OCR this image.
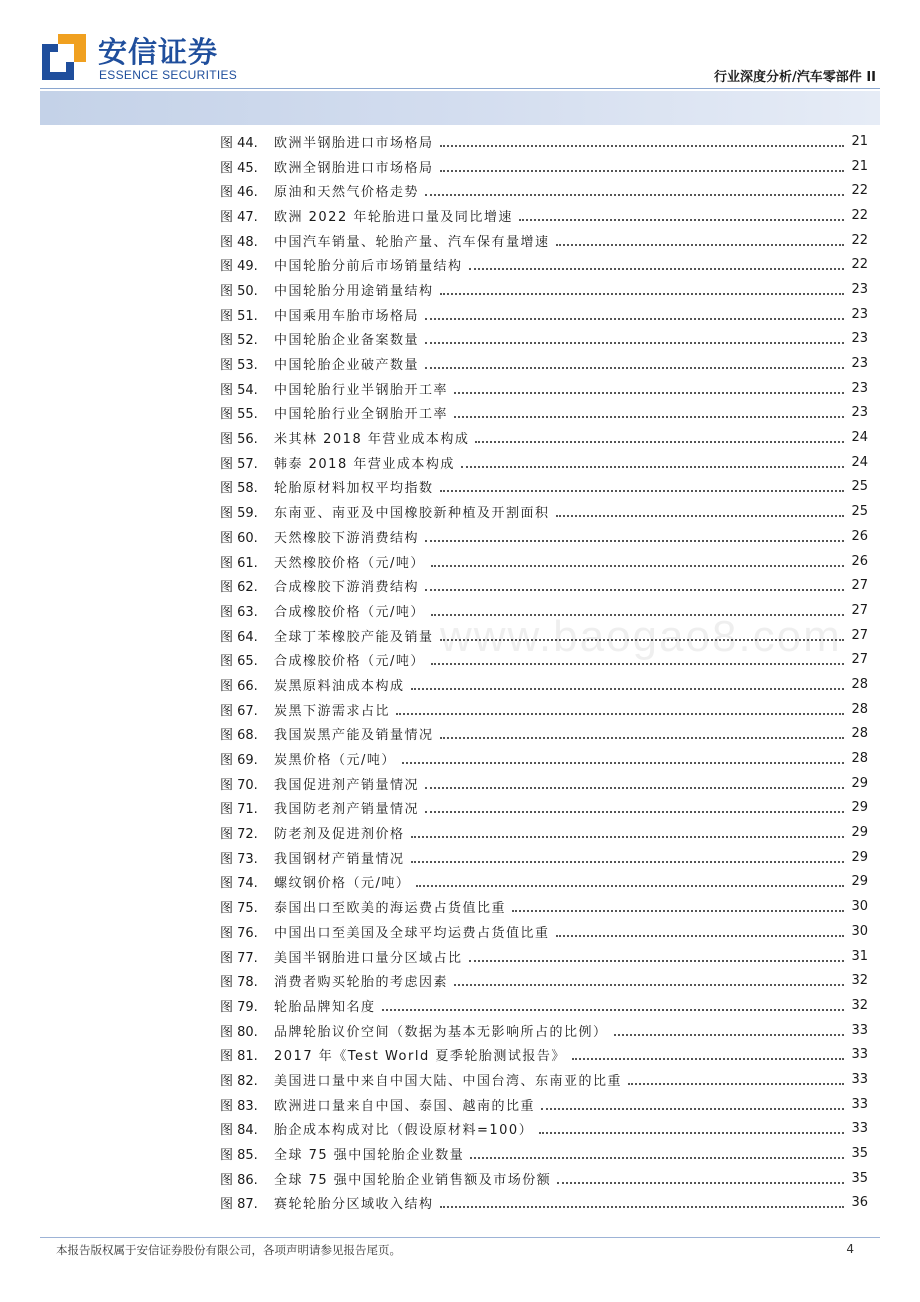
安信证券
ESSENCE SECURITIES	行业深度分析/汽车零部件 II
图 44.	欧洲半钢胎进口市场格局	21
图 45.	欧洲全钢胎进口市场格局	21
图 46.	原油和天然气价格走势	22
图 47.	欧洲 2022 年轮胎进口量及同比增速	22
图 48.	中国汽车销量、轮胎产量、汽车保有量增速	22
图 49.	中国轮胎分前后市场销量结构	22
图 50.	中国轮胎分用途销量结构	23
图 51.	中国乘用车胎市场格局	23
图 52.	中国轮胎企业备案数量	23
图 53.	中国轮胎企业破产数量	23
图 54.	中国轮胎行业半钢胎开工率	23
图 55.	中国轮胎行业全钢胎开工率	23
图 56.	米其林 2018 年营业成本构成	24
图 57.	韩泰 2018 年营业成本构成	24
图 58.	轮胎原材料加权平均指数	25
图 59.	东南亚、南亚及中国橡胶新种植及开割面积	25
图 60.	天然橡胶下游消费结构	26
图 61.	天然橡胶价格（元/吨）	26
图 62.	合成橡胶下游消费结构	27
图 63.	合成橡胶价格（元/吨）	27
图 64.	全球丁苯橡胶产能及销量	27
图 65.	合成橡胶价格（元/吨）	27
图 66.	炭黑原料油成本构成	28
图 67.	炭黑下游需求占比	28
图 68.	我国炭黑产能及销量情况	28
图 69.	炭黑价格（元/吨）	28
图 70.	我国促进剂产销量情况	29
图 71.	我国防老剂产销量情况	29
图 72.	防老剂及促进剂价格	29
图 73.	我国钢材产销量情况	29
图 74.	螺纹钢价格（元/吨）	29
图 75.	泰国出口至欧美的海运费占货值比重	30
图 76.	中国出口至美国及全球平均运费占货值比重	30
图 77.	美国半钢胎进口量分区域占比	31
图 78.	消费者购买轮胎的考虑因素	32
图 79.	轮胎品牌知名度	32
图 80.	品牌轮胎议价空间（数据为基本无影响所占的比例）	33
图 81.	2017 年《Test World 夏季轮胎测试报告》	33
图 82.	美国进口量中来自中国大陆、中国台湾、东南亚的比重	33
图 83.	欧洲进口量来自中国、泰国、越南的比重	33
图 84.	胎企成本构成对比（假设原材料=100）	33
图 85.	全球 75 强中国轮胎企业数量	35
图 86.	全球 75 强中国轮胎企业销售额及市场份额	35
图 87.	赛轮轮胎分区域收入结构	36
www.baogao8.com
本报告版权属于安信证券股份有限公司，各项声明请参见报告尾页。	4
